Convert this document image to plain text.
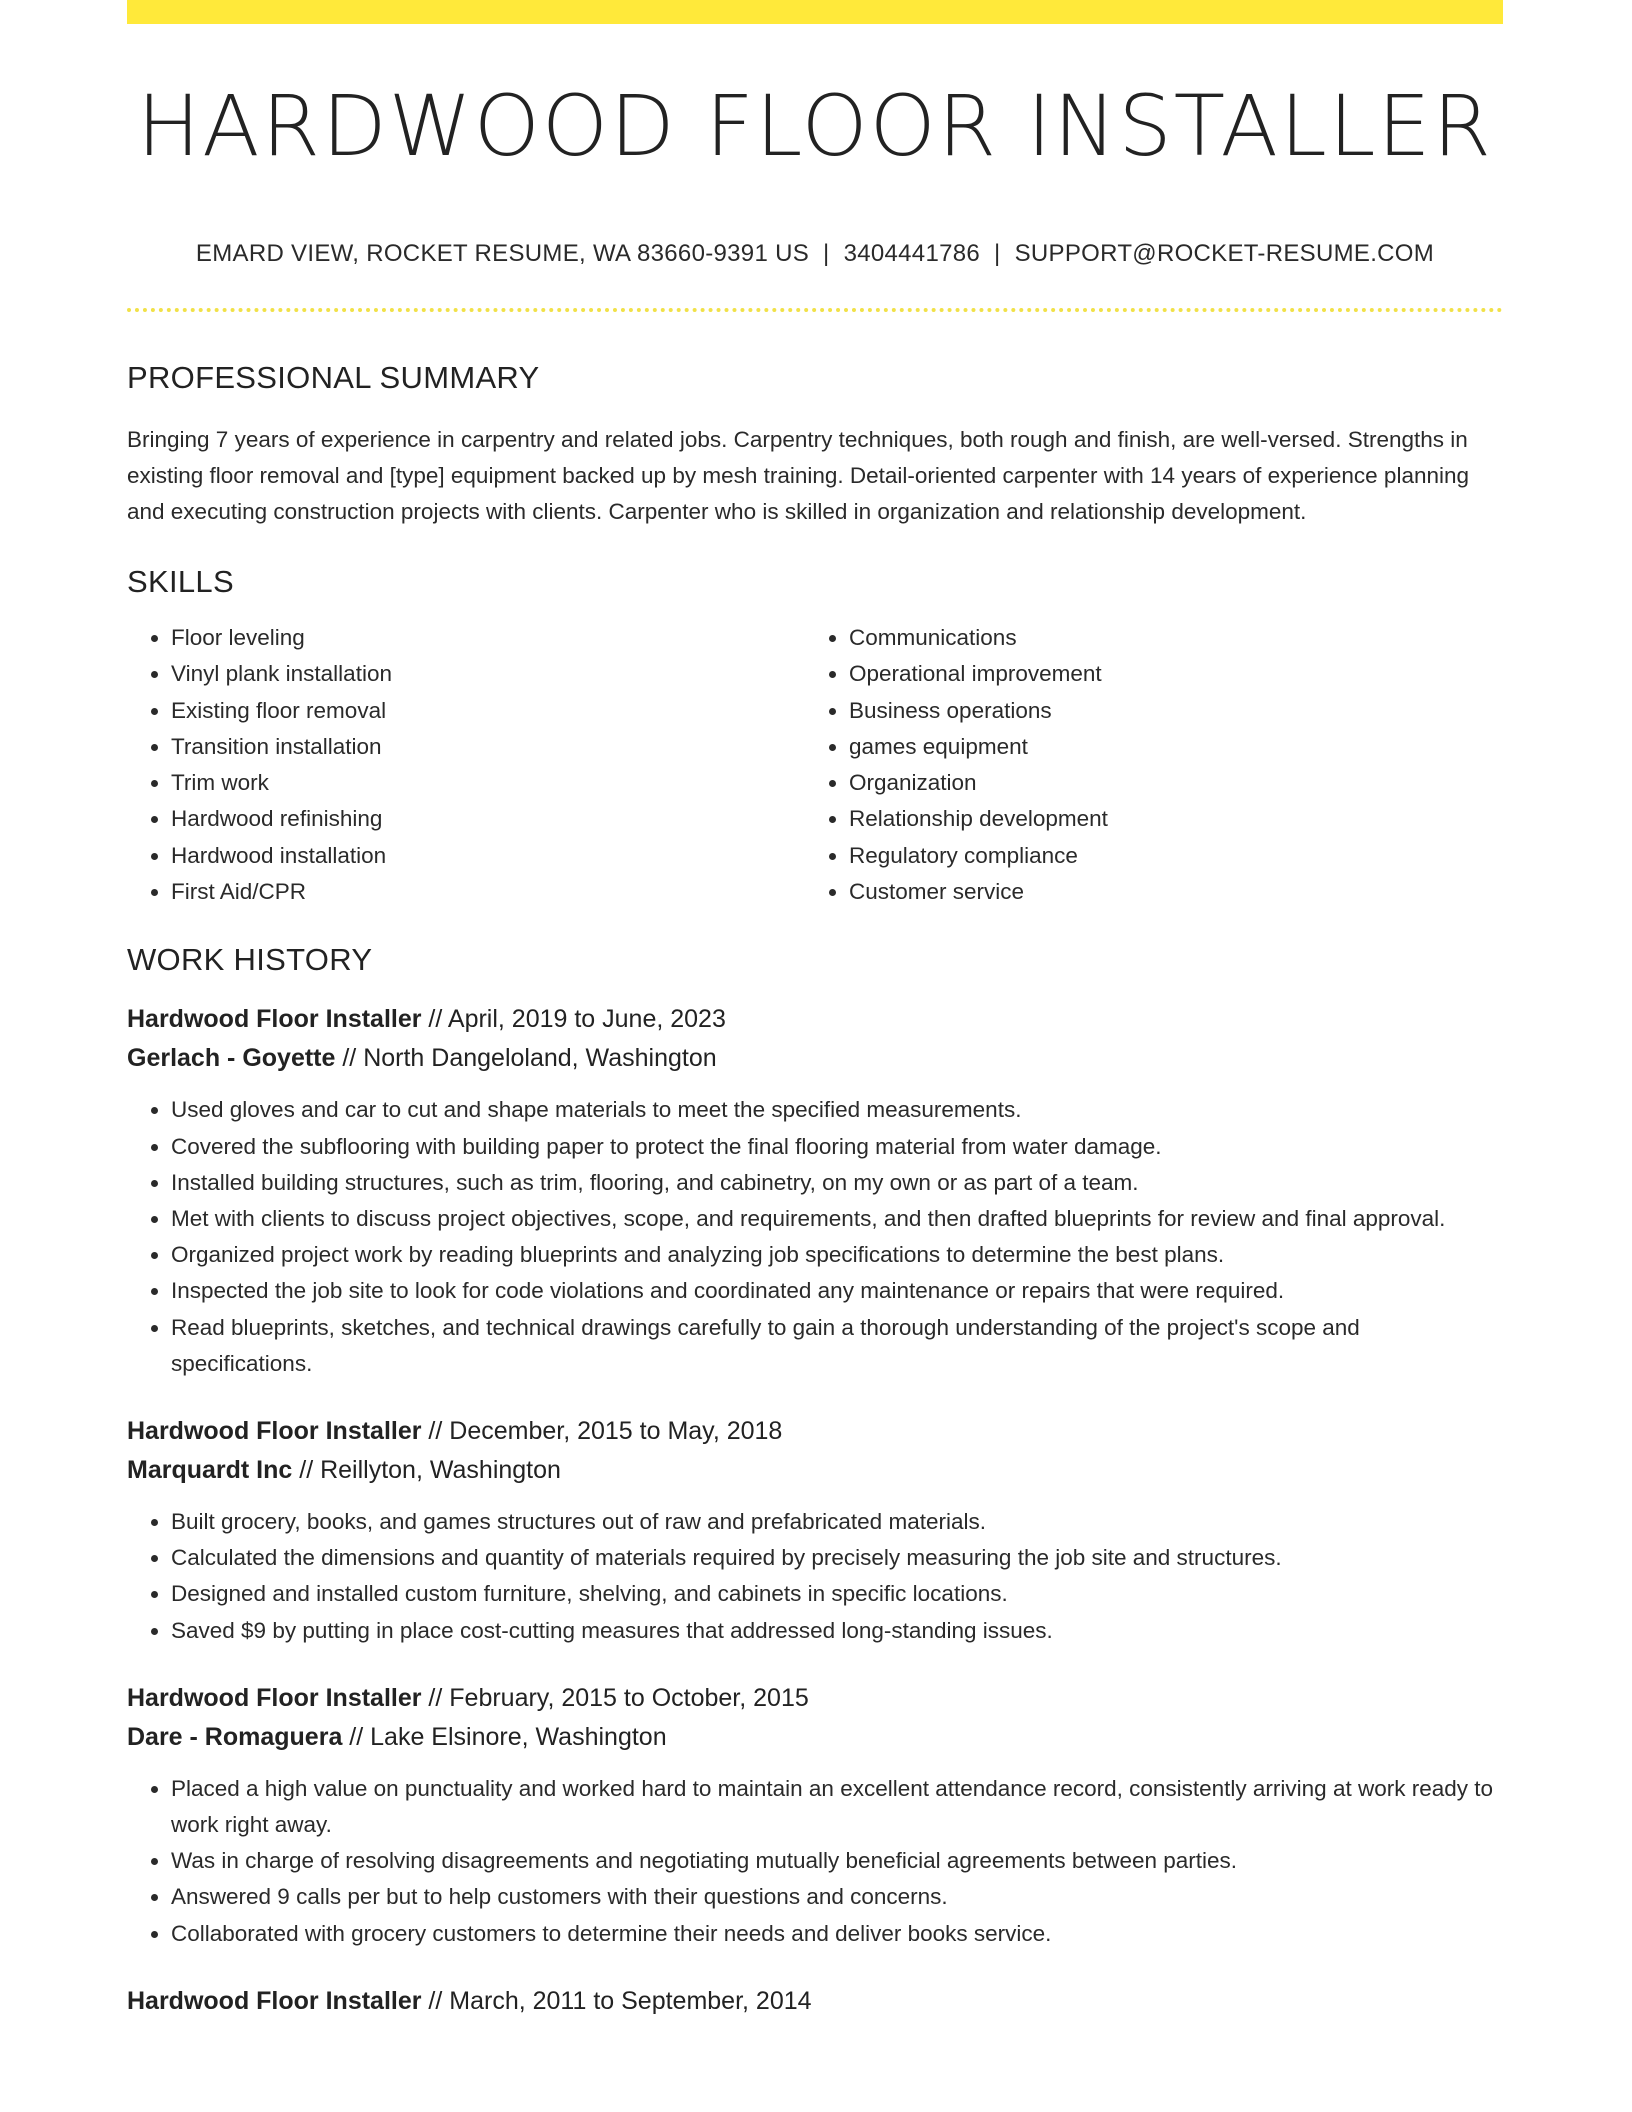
HARDWOOD FLOOR INSTALLER
EMARD VIEW, ROCKET RESUME, WA 83660-9391 US | 3404441786 | SUPPORT@ROCKET-RESUME.COM
PROFESSIONAL SUMMARY

Bringing 7 years of experience in carpentry and related jobs. Carpentry techniques, both rough and finish, are well-versed. Strengths in existing floor removal and [type] equipment backed up by mesh training. Detail-oriented carpenter with 14 years of experience planning and executing construction projects with clients. Carpenter who is skilled in organization and relationship development.

SKILLS
• Floor leveling
• Vinyl plank installation
• Existing floor removal
• Transition installation
• Trim work
• Hardwood refinishing
• Hardwood installation
• First Aid/CPR
• Communications
• Operational improvement
• Business operations
• games equipment
• Organization
• Relationship development
• Regulatory compliance
• Customer service
WORK HISTORY
Hardwood Floor Installer // April, 2019 to June, 2023
Gerlach - Goyette // North Dangeloland, Washington
• Used gloves and car to cut and shape materials to meet the specified measurements.
• Covered the subflooring with building paper to protect the final flooring material from water damage.
• Installed building structures, such as trim, flooring, and cabinetry, on my own or as part of a team.
• Met with clients to discuss project objectives, scope, and requirements, and then drafted blueprints for review and final approval.
• Organized project work by reading blueprints and analyzing job specifications to determine the best plans.
• Inspected the job site to look for code violations and coordinated any maintenance or repairs that were required.
• Read blueprints, sketches, and technical drawings carefully to gain a thorough understanding of the project's scope and specifications.
Hardwood Floor Installer // December, 2015 to May, 2018
Marquardt Inc // Reillyton, Washington
• Built grocery, books, and games structures out of raw and prefabricated materials.
• Calculated the dimensions and quantity of materials required by precisely measuring the job site and structures.
• Designed and installed custom furniture, shelving, and cabinets in specific locations.
• Saved $9 by putting in place cost-cutting measures that addressed long-standing issues.
Hardwood Floor Installer // February, 2015 to October, 2015
Dare - Romaguera // Lake Elsinore, Washington
• Placed a high value on punctuality and worked hard to maintain an excellent attendance record, consistently arriving at work ready to work right away.
• Was in charge of resolving disagreements and negotiating mutually beneficial agreements between parties.
• Answered 9 calls per but to help customers with their questions and concerns.
• Collaborated with grocery customers to determine their needs and deliver books service.
Hardwood Floor Installer // March, 2011 to September, 2014
